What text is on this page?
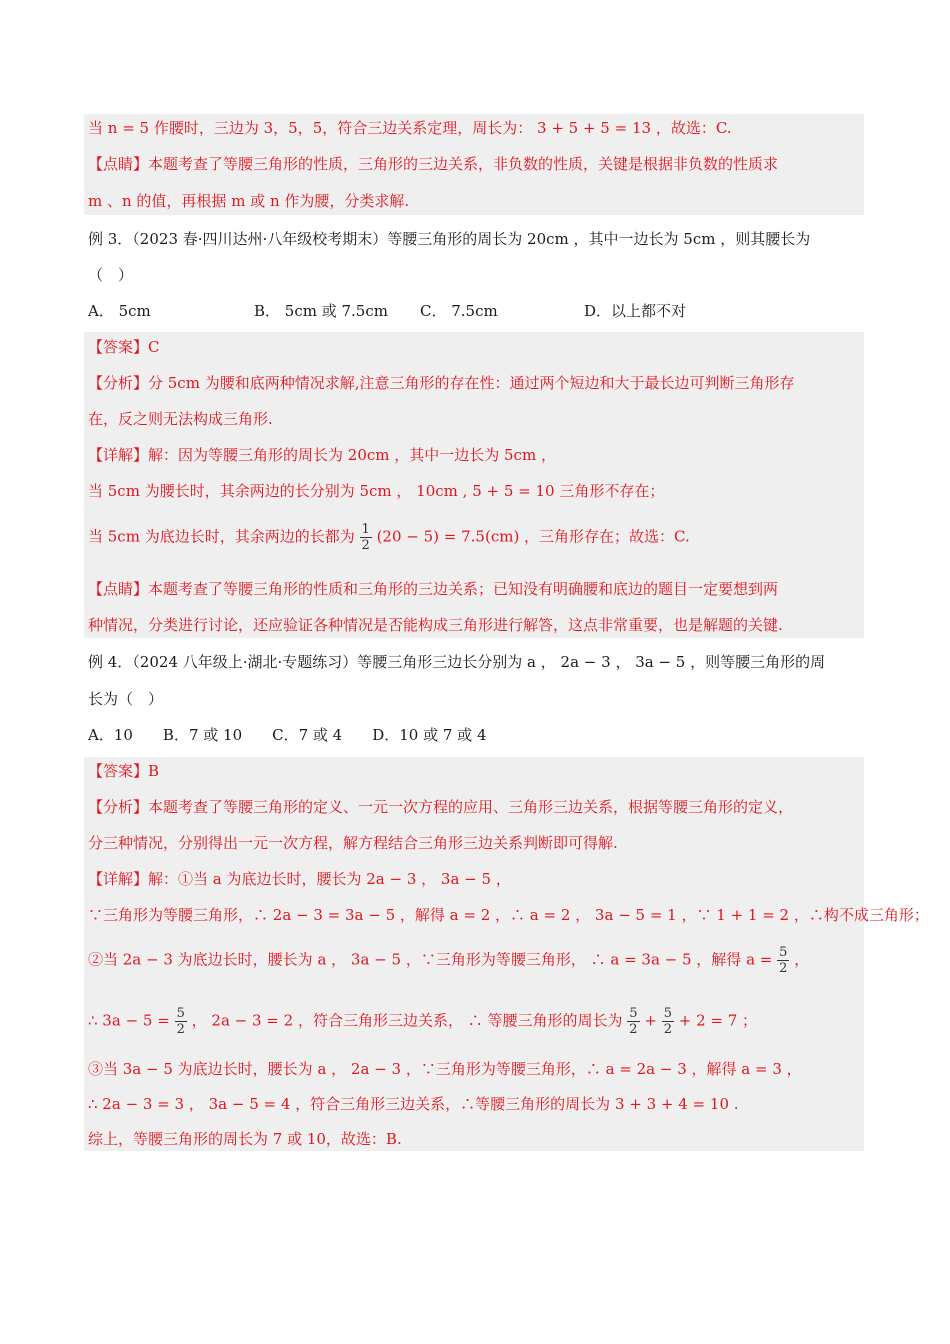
当 n = 5 作腰时，三边为 3，5，5，符合三边关系定理，周长为： 3 + 5 + 5 = 13 ，故选：C.
【点睛】本题考查了等腰三角形的性质，三角形的三边关系，非负数的性质，关键是根据非负数的性质求
m 、n 的值，再根据 m 或 n 作为腰，分类求解.
例 3．（2023 春·四川达州·八年级校考期末）等腰三角形的周长为 20cm ，其中一边长为 5cm ，则其腰长为
（　）
A． 5cm	B． 5cm 或 7.5cm C． 7.5cm	D．以上都不对
【答案】C
【分析】分 5cm 为腰和底两种情况求解,注意三角形的存在性：通过两个短边和大于最长边可判断三角形存
在，反之则无法构成三角形.
【详解】解：因为等腰三角形的周长为 20cm ，其中一边长为 5cm ，
当 5cm 为腰长时，其余两边的长分别为 5cm ， 10cm , 5 + 5 = 10 三角形不存在；
当 5cm 为底边长时，其余两边的长都为 $\frac{1}{2} (20 - 5) = 7.5(cm)$ ，三角形存在；故选：C.
【点睛】本题考查了等腰三角形的性质和三角形的三边关系；已知没有明确腰和底边的题目一定要想到两
种情况，分类进行讨论，还应验证各种情况是否能构成三角形进行解答，这点非常重要，也是解题的关键.
例 4．（2024 八年级上·湖北·专题练习）等腰三角形三边长分别为 a ， 2a − 3 ， 3a − 5 ，则等腰三角形的周
长为（　）
A．10　　B．7 或 10　　C．7 或 4　　D．10 或 7 或 4
【答案】B
【分析】本题考查了等腰三角形的定义、一元一次方程的应用、三角形三边关系，根据等腰三角形的定义，
分三种情况，分别得出一元一次方程，解方程结合三角形三边关系判断即可得解.
【详解】解：①当 a 为底边长时，腰长为 2a − 3 ， 3a − 5 ，
∵三角形为等腰三角形，∴ 2a − 3 = 3a − 5 ，解得 a = 2 ，∴ a = 2 ， 3a − 5 = 1 ，∵ 1 + 1 = 2 ，∴构不成三角形；
②当 2a − 3 为底边长时，腰长为 a ， 3a − 5 ，∵三角形为等腰三角形， ∴ a = 3a − 5 ，解得 $a = \frac{5}{2}$ ，
∴ $3a - 5 = \frac{5}{2}$ ， 2a − 3 = 2 ，符合三角形三边关系， ∴ 等腰三角形的周长为 $\frac{5}{2} + \frac{5}{2} + 2 = 7$ ；
③当 3a − 5 为底边长时，腰长为 a ， 2a − 3 ，∵三角形为等腰三角形，∴ a = 2a − 3 ，解得 a = 3 ，
∴ 2a − 3 = 3 ， 3a − 5 = 4 ，符合三角形三边关系，∴等腰三角形的周长为 3 + 3 + 4 = 10 .
综上，等腰三角形的周长为 7 或 10，故选：B.
